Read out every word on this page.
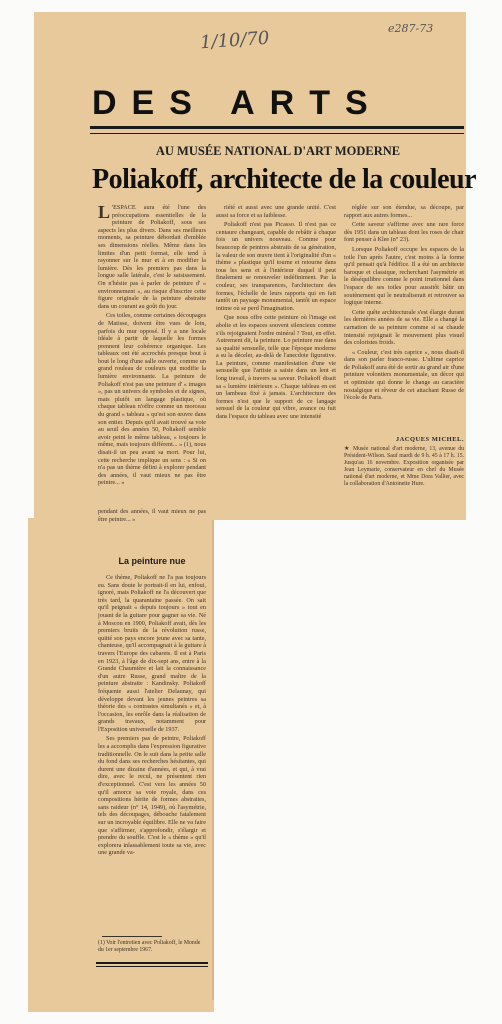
1/10/70	e287-73
DES ARTS
AU MUSÉE NATIONAL D'ART MODERNE
Poliakoff, architecte de la couleur

L 'ESPACE aura été l'une des préoccupations essentielles de la peinture de Poliakoff, sous ses aspects les plus divers. Dans ses meilleurs moments, sa peinture débordait d'emblée ses dimensions réelles. Même dans les limites d'un petit format, elle tend à rayonner sur le mur et à en modifier la lumière. Dès les premiers pas dans la longue salle latérale, c'est le saisissement. On n'hésite pas à parler de peinture d' « environnement », au risque d'inscrire cette figure originale de la peinture abstraite dans un courant au goût du jour.

Ces toiles, comme certaines découpages de Matisse, doivent être vues de loin, parfois du mur opposé. Il y a une locale idéale à partir de laquelle les formes prennent leur cohérence organique. Les tableaux ont été accrochés presque bout à bout le long d'une salle ouverte, comme un grand rouleau de couleurs qui modifie la lumière environnante. La peinture de Poliakoff n'est pas une peinture d' « images », pas un univers de symboles et de signes, mais plutôt un langage plastique, où chaque tableau n'offre comme un morceau du grand « tableau » qu'est son œuvre dans son entier. Depuis qu'il avait trouvé sa voie au seuil des années 50, Poliakoff semble avoir peint le même tableau, « toujours le même, mais toujours différent... » (1), nous disait-il un peu avant sa mort. Pour lui, cette recherche implique un sens : « Si on n'a pas un thème défini à explorer pendant des années, il vaut mieux ne pas être peintre... »

riété et aussi avec une grande unité. C'est aussi sa force et sa faiblesse.

Poliakoff n'est pas Picasso. Il n'est pas ce centaure changeant, capable de rebâtir à chaque fois un univers nouveau. Comme pour beaucoup de peintres abstraits de sa génération, la valeur de son œuvre tient à l'originalité d'un « thème » plastique qu'il tourne et retourne dans tous les sens et à l'intérieur duquel il peut finalement se renouveler indéfiniment. Par la couleur, ses transparences, l'architecture des formes, l'échelle de leurs rapports qui en fait tantôt un paysage monumental, tantôt un espace intime où se perd l'imagination.

Que nous offre cette peinture où l'image est abolie et les espaces souvent silencieux comme s'ils rejoignaient l'ordre minéral ? Tout, en effet. Autrement dit, la peinture. Lo peinture nue dans sa qualité sensuelle, telle que l'époque moderne a su la déceler, au-delà de l'anecdote figurative. La peinture, comme manifestation d'une vie sensuelle que l'artiste a saisie dans un lent et long travail, à travers sa saveur. Poliakoff disait sa « lumière intérieure ». Chaque tableau en est un lambeau fixé à jamais. L'architecture des formes n'est que le support de ce langage sensuel de la couleur qui vibre, avance ou fuit dans l'espace du tableau avec une intensité

réglée sur son étendue, sa découpe, par rapport aux autres formes...

Cette saveur s'affirme avec une rare force dès 1951 dans un tableau dont les roses de chair font penser à Klee (n° 23).

Lorsque Poliakoff occupe les espaces de la toile l'un après l'autre, c'est moins à la forme qu'il pensait qu'à l'édifice. Il a été un architecte baroque et classique, recherchant l'asymétrie et le déséquilibre comme le point irrationnel dans l'espace de ses toiles pour aussitôt bâtir un soutènement qui le neutraliserait et retrouver sa logique interne.

Cette quête architecturale s'est élargie durant les dernières années de sa vie. Elle a changé la carnation de sa peinture comme si sa chaude intensité rejoignait le mouvement plus visuel des coloristes froids.

« Couleur, c'est très caprice », nous disait-il dans son parler franco-russe. L'ultime caprice de Poliakoff aura été de sortir au grand air d'une peinture volontiers monumentale, un décor qui et optimiste qui donne le change au caractère nostalgique et rêveur de cet attachant Russe de l'école de Paris.

JACQUES MICHEL.
★ Musée national d'art moderne, 13, avenue du Président-Wilson. Sauf mardi de 9 h. 45 à 17 h. 15. Jusqu'au 16 novembre. Exposition organisée par Jean Leymarie, conservateur en chef du Musée national d'art moderne, et Mme Dora Vallier, avec la collaboration d'Antoinette Hure.
pendant des années, il vaut mieux ne pas être peintre... »
La peinture nue

Ce thème, Poliakoff ne l'a pas toujours eu. Sans doute le portrait-il en lui, enfoui, ignoré, mais Poliakoff ne l'a découvert que très tard, la quarantaine passée. On sait qu'il peignait « depuis toujours » tout en jouant de la guitare pour gagner sa vie. Né à Moscou en 1900, Poliakoff avait, dès les premiers bruits de la révolution russe, quitté son pays encore jeune avec sa tante, chanteuse, qu'il accompagnait à la guitare à travers l'Europe des cabarets. Il est à Paris en 1923, à l'âge de dix-sept ans, entre à la Grande Chaumière et lait la connaissance d'un autre Russe, grand maître de la peinture abstraite : Kandinsky. Poliakoff fréquente aussi l'atelier Delaunay, qui développe devant les jeunes peintres sa théorie des « contrastes simultanés » et, à l'occasion, les enrôle dans la réalisation de grands travaux, notamment pour l'Exposition universelle de 1937.

Ses premiers pas de peintre, Poliakoff les a accomplis dans l'expression figurative traditionnelle. On le suit dans la petite salle du fond dans ses recherches hésitantes, qui durent une dizaine d'années, et qui, à vrai dire, avec le recul, ne présentent rien d'exceptionnel. C'est vers les années 50 qu'il amorce sa voie royale, dans ces compositions hérite de formes abstraites, sans raideur (n° 14, 1949), où l'asymétrie, tels des découpages, débouche fatalement sur un incroyable équilibre. Elle ne va faire que s'affirmer, s'approfondir, s'élargir et prendre du souffle. C'est le « thème » qu'il explorera inlassablement toute sa vie, avec une grande va-

(1) Voir l'entretien avec Poliakoff, le Monde du 1er septembre 1967.
